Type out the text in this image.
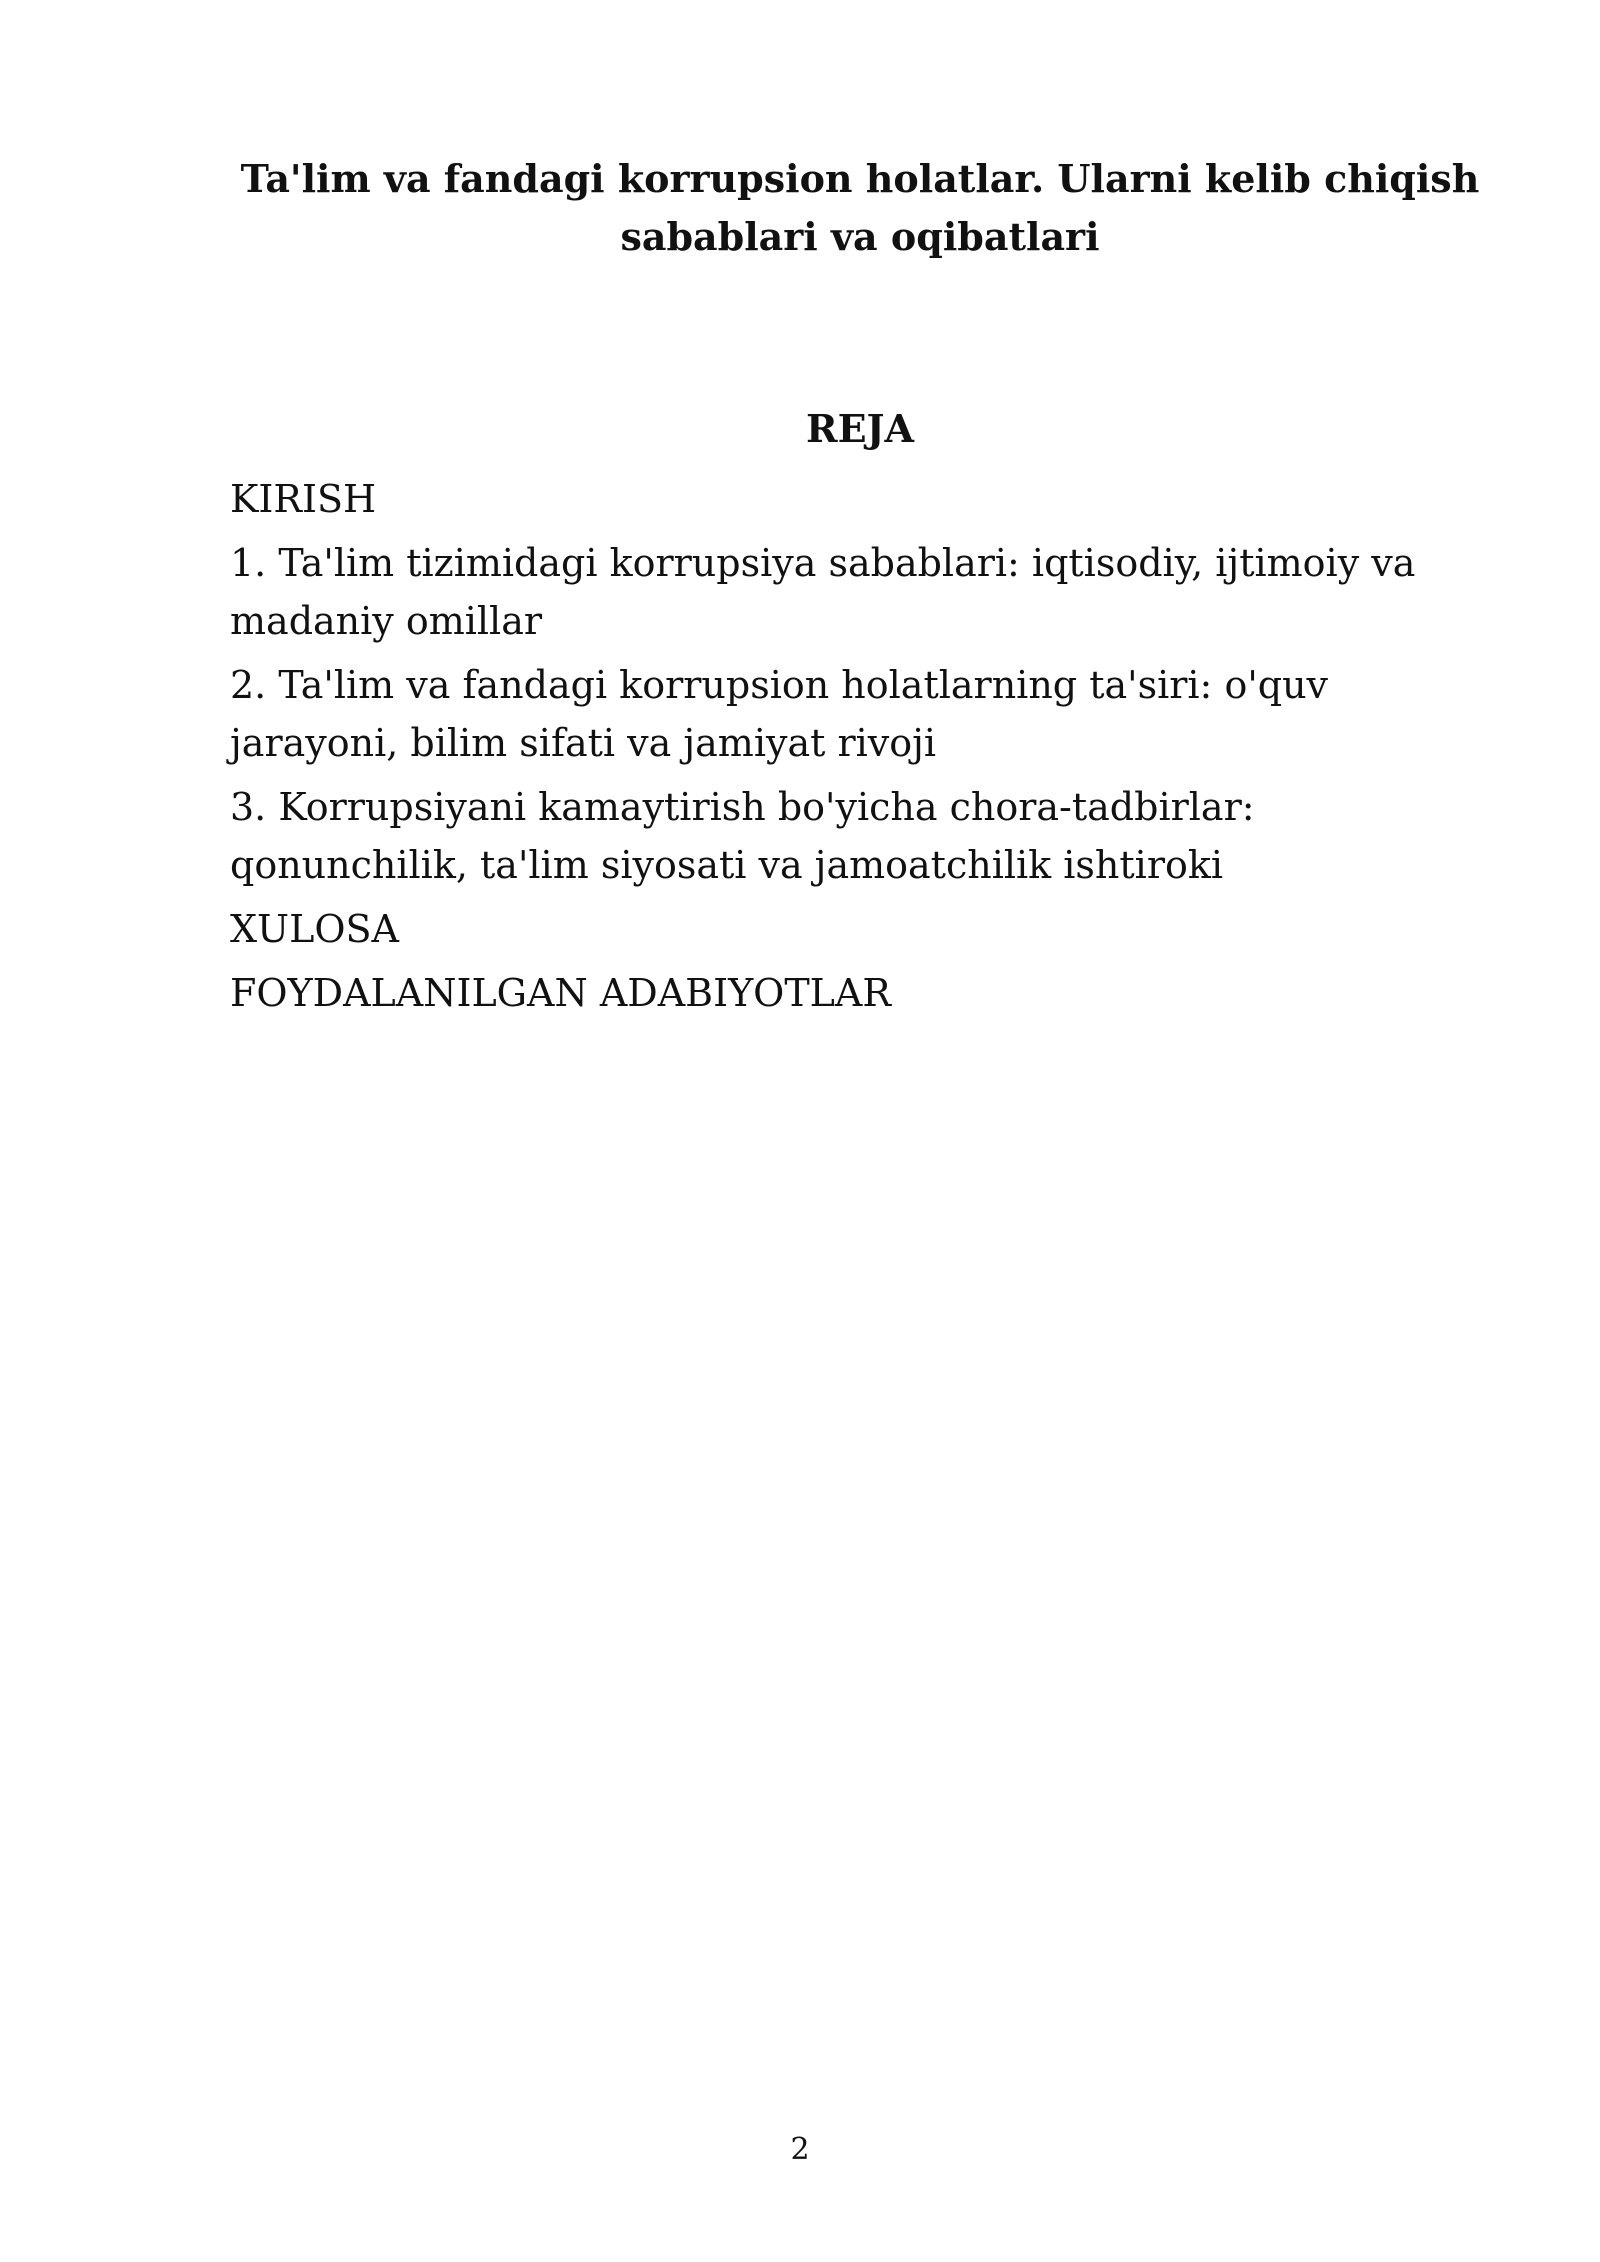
Ta'lim va fandagi korrupsion holatlar. Ularni kelib chiqish sabablari va oqibatlari
REJA
KIRISH
1. Ta'lim tizimidagi korrupsiya sabablari: iqtisodiy, ijtimoiy va madaniy omillar
2. Ta'lim va fandagi korrupsion holatlarning ta'siri: o'quv jarayoni, bilim sifati va jamiyat rivoji
3. Korrupsiyani kamaytirish bo'yicha chora-tadbirlar: qonunchilik, ta'lim siyosati va jamoatchilik ishtiroki
XULOSA
FOYDALANILGAN ADABIYOTLAR
2
